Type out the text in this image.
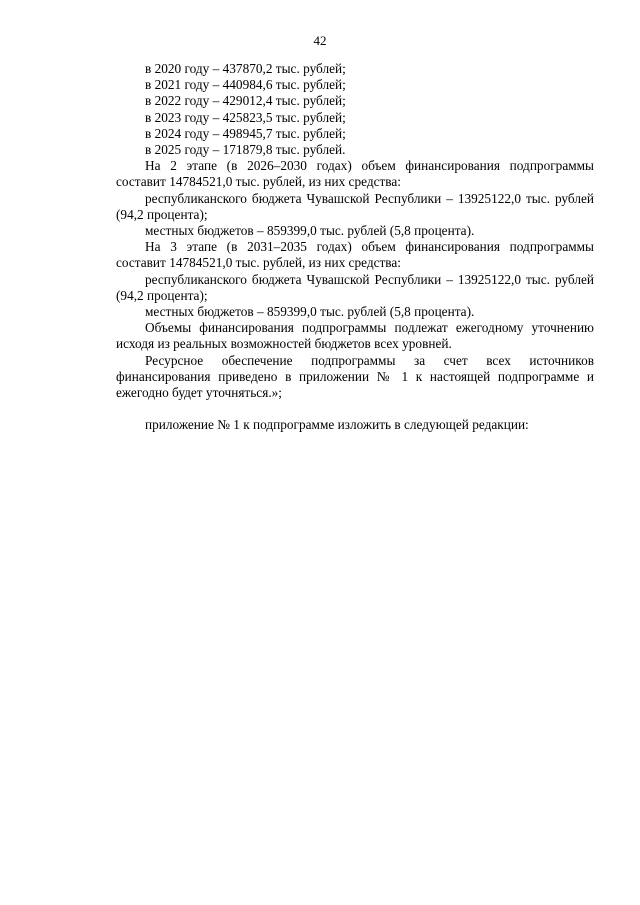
42

в 2020 году – 437870,2 тыс. рублей;

в 2021 году – 440984,6 тыс. рублей;

в 2022 году – 429012,4 тыс. рублей;

в 2023 году – 425823,5 тыс. рублей;

в 2024 году – 498945,7 тыс. рублей;

в 2025 году – 171879,8 тыс. рублей.

На 2 этапе (в 2026–2030 годах) объем финансирования подпрограммы составит 14784521,0 тыс. рублей, из них средства:

республиканского бюджета Чувашской Республики – 13925122,0 тыс. рублей (94,2 процента);

местных бюджетов – 859399,0 тыс. рублей (5,8 процента).

На 3 этапе (в 2031–2035 годах) объем финансирования подпрограммы составит 14784521,0 тыс. рублей, из них средства:

республиканского бюджета Чувашской Республики – 13925122,0 тыс. рублей (94,2 процента);

местных бюджетов – 859399,0 тыс. рублей (5,8 процента).

Объемы финансирования подпрограммы подлежат ежегодному уточнению исходя из реальных возможностей бюджетов всех уровней.

Ресурсное обеспечение подпрограммы за счет всех источников финансирования приведено в приложении № 1 к настоящей подпрограмме и ежегодно будет уточняться.»;

приложение № 1 к подпрограмме изложить в следующей редакции:
